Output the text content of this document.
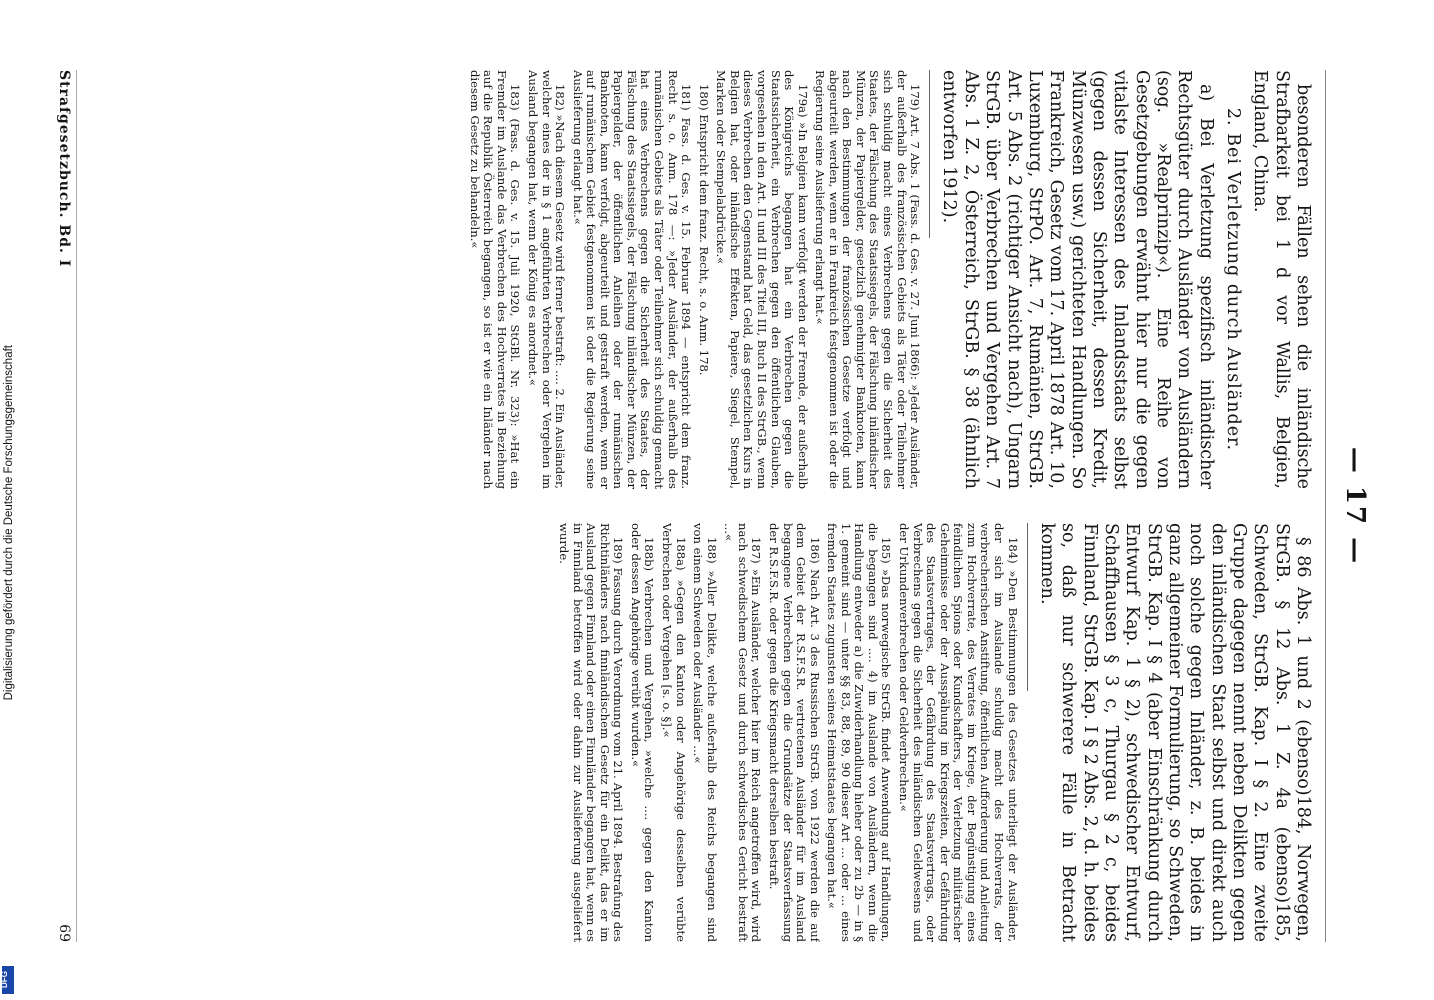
— 17 —

besonderen Fällen sehen die inländische Strafbarkeit bei 1 d vor Wallis, Belgien, England, China.

2. Bei Verletzung durch Ausländer.

a) Bei Verletzung spezifisch inländischer Rechtsgüter durch Ausländer von Ausländern (sog. »Realprinzip«). Eine Reihe von Gesetzgebungen erwähnt hier nur die gegen vitalste Interessen des Inlandsstaats selbst (gegen dessen Sicherheit, dessen Kredit, Münzwesen usw.) gerichteten Handlungen. So Frankreich, Gesetz vom 17. April 1878 Art. 10, Luxemburg, StrPO. Art. 7, Rumänien, StrGB. Art. 5 Abs. 2 (richtiger Ansicht nach), Ungarn StrGB. über Verbrechen und Vergehen Art. 7 Abs. 1 Z. 2, Österreich, StrGB. § 38 (ähnlich entworfen 1912).

179) Art. 7 Abs. 1 (Fass. d. Ges. v. 27. Juni 1866): »Jeder Ausländer, der außerhalb des französischen Gebiets als Täter oder Teilnehmer sich schuldig macht eines Verbrechens gegen die Sicherheit des Staates, der Fälschung des Staatssiegels, der Fälschung inländischer Münzen, der Papiergelder, gesetzlich genehmigter Banknoten, kann nach den Bestimmungen der französischen Gesetze verfolgt und abgeurteilt werden, wenn er in Frankreich festgenommen ist oder die Regierung seine Auslieferung erlangt hat.«

179a) »In Belgien kann verfolgt werden der Fremde, der außerhalb des Königreichs begangen hat ein Verbrechen gegen die Staatssicherheit, ein Verbrechen gegen den öffentlichen Glauben, vorgesehen in den Art. II und III des Titel III, Buch II des StrGB., wenn dieses Verbrechen den Gegenstand hat Geld, das gesetzlichen Kurs in Belgien hat, oder inländische Effekten, Papiere, Siegel, Stempel, Marken oder Stempelabdrücke.«

180) Entspricht dem franz. Recht, s. o. Anm. 178.

181) Fass. d. Ges. v. 15. Februar 1894 — entspricht dem franz. Recht s. o. Anm. 178 —: »Jeder Ausländer, der außerhalb des rumänischen Gebiets als Täter oder Teilnehmer sich schuldig gemacht hat eines Verbrechens gegen die Sicherheit des Staates, der Fälschung des Staatssiegels, der Fälschung inländischer Münzen, der Papiergelder, der öffentlichen Anleihen oder der rumänischen Banknoten, kann verfolgt, abgeurteilt und gestraft werden, wenn er auf rumänischem Gebiet festgenommen ist oder die Regierung seine Auslieferung erlangt hat.«

182) »Nach diesem Gesetz wird ferner bestraft: .... 2. Ein Ausländer, welcher eines der in § 1 angeführten Verbrechen oder Vergehen im Ausland begangen hat, wenn der König es anordnet.«

183) (Fass. d. Ges. v. 15. Juli 1920, StGBl. Nr. 323): »Hat ein Fremder im Auslande das Verbrechen des Hochverrates in Beziehung auf die Republik Österreich begangen, so ist er wie ein Inländer nach diesem Gesetz zu behandeln.«

§ 86 Abs. 1 und 2 (ebenso)184, Norwegen, StrGB. § 12 Abs. 1 Z. 4a (ebenso)185, Schweden, StrGB. Kap. I § 2. Eine zweite Gruppe dagegen nennt neben Delikten gegen den inländischen Staat selbst und direkt auch noch solche gegen Inländer, z. B. beides in ganz allgemeiner Formulierung, so Schweden, StrGB. Kap. I § 4 (aber Einschränkung durch Entwurf Kap. 1 § 2), schwedischer Entwurf, Schaffhausen § 3 c, Thurgau § 2 c, beides Finnland, StrGB. Kap. I § 2 Abs. 2, d. h. beides so, daß nur schwerere Fälle in Betracht kommen.

184) »Den Bestimmungen des Gesetzes unterliegt der Ausländer, der sich im Auslande schuldig macht des Hochverrats, der verbrecherischen Anstiftung, öffentlichen Aufforderung und Anleitung zum Hochverrate, des Verrates im Kriege, der Begünstigung eines feindlichen Spions oder Kundschafters, der Verletzung militärischer Geheimnisse oder der Ausspähung im Kriegszeiten, der Gefährdung des Staatsvertrages, der Gefährdung des Staatsvertrags, oder Verbrechens gegen die Sicherheit des inländischen Geldwesens und der Urkundenverbrechen oder Geldverbrechen.«

185) »Das norwegische StrGB. findet Anwendung auf Handlungen, die begangen sind .... 4) im Auslande von Ausländern, wenn die Handlung entweder a) die Zuwiderhandlung hieher oder zu 2b — in § 1. gemeint sind — unter §§ 83, 88, 89, 90 dieser Art ... oder ... eines fremden Staates zugunsten seines Heimatstaates begangen hat.«

186) Nach Art. 3 des Russischen StrGB. von 1922 werden die auf dem Gebiet der R.S.F.S.R. vertretenen Ausländer für im Ausland begangene Verbrechen gegen die Grundsätze der Staatsverfassung der R.S.F.S.R. oder gegen die Kriegsmacht derselben bestraft.

187) »Ein Ausländer, welcher hier im Reich angetroffen wird, wird nach schwedischem Gesetz und durch schwedisches Gericht bestraft ...«

188) »Aller Delikte, welche außerhalb des Reichs begangen sind von einem Schweden oder Ausländer ...«

188a) »Gegen den Kanton oder Angehörige desselben verübte Verbrechen oder Vergehen [s. o. §].«

188b) Verbrechen und Vergehen, »welche .... gegen den Kanton oder dessen Angehörige verübt wurden.«

189) Fassung durch Verordnung vom 21. April 1894. Bestrafung des Richtinländers nach finnländischem Gesetz für ein Delikt, das er im Ausland gegen Finnland oder einen Finnländer begangen hat, wenn es in Finnland betroffen wird oder dahin zur Auslieferung ausgeliefert wurde.

Strafgesetzbuch. Bd. I
69
Digitalisierung gefördert durch die Deutsche Forschungsgemeinschaft
DFG
